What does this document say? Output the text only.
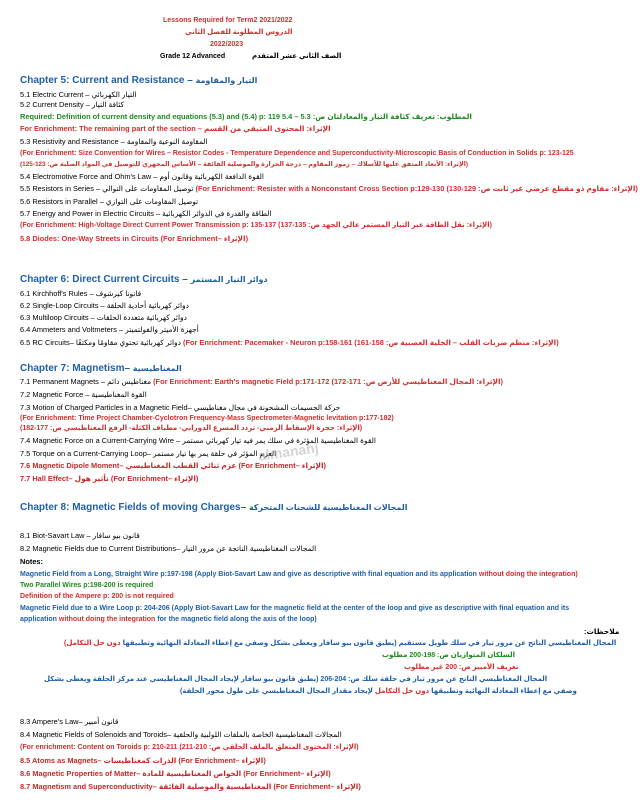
Lessons Required for Term2 2021/2022
الدروس المطلوبة للفصل الثاني
2022/2023
Grade 12 Advanced	الصف الثاني عشر المتقدم
Chapter 5: Current and Resistance – التيار والمقاومة
5.1 Electric Current – التيار الكهربائي
5.2 Current Density – كثافة التيار
Required: Definition of current density and equations (5.3) and (5.4) p: 119 ص: 5.3 – 5.4 المطلوب: تعريف كثافة التيار والمعادلتان
For Enrichment: The remaining part of the section – الإثراء: المحتوى المتبقي من القسم
5.3 Resistivity and Resistance – المقاومة النوعية والمقاومة
(For Enrichment: Size Convention for Wires – Resistor Codes - Temperature Dependence and Superconductivity-Microscopic Basis of Conduction in Solids p: 123-125
(الإثراء: الأبعاد المتفق عليها للأسلاك – رموز المقاوم – درجة الحرارة والموصلية الفائقة – الأساس المجهري للتوصيل في المواد الصلبة ص: 123-125)
5.4 Electromotive Force and Ohm's Law – القوة الدافعة الكهربائية وقانون أوم
5.5 Resistors in Series – توصيل المقاومات على التوالي (For Enrichment: Resister with a Nonconstant Cross Section p:129-130 (الإثراء: مقاوم ذو مقطع عرضي غير ثابت ص: 129-130)
5.6 Resistors in Parallel – توصيل المقاومات على التوازي
5.7 Energy and Power in Electric Circuits – الطاقة والقدرة في الدوائر الكهربائية
(For Enrichment: High-Voltage Direct Current Power Transmission p: 135-137 (الإثراء: نقل الطاقة عبر التيار المستمر عالي الجهد ص: 135-137)
5.8 Diodes: One-Way Streets in Circuits (For Enrichment– (الإثراء
Chapter 6: Direct Current Circuits – دوائر التيار المستمر
6.1 Kirchhoff's Rules – قانونا كيرشوف
6.2 Single-Loop Circuits – دوائر كهربائية أحادية الحلقة
6.3 Multiloop Circuits – دوائر كهربائية متعددة الحلقات
6.4 Ammeters and Voltmeters – أجهزة الأميتر والفولتميتر
6.5 RC Circuits– دوائر كهربائية تحتوي مقاومًا ومكثفًا (For Enrichment: Pacemaker - Neuron p:158-161 (الإثراء: منظم ضربات القلب – الخلية العصبية ص: 158-161)
Chapter 7: Magnetism– المغناطيسية
7.1 Permanent Magnets – مغناطيس دائم (For Enrichment: Earth's magnetic Field p:171-172 (الإثراء: المجال المغناطيسي للأرض ص: 171-172)
7.2 Magnetic Force – القوة المغناطيسية
7.3 Motion of Charged Particles in a Magnetic Field– حركة الجسيمات المشحونة في مجال مغناطيسي
(For Enrichment: Time Project Chamber-Cyclotron Frequency-Mass Spectrometer-Magnetic levitation p:177-182)
(الإثراء: حجرة الإسقاط الزمني- تردد المسرع الدوراني- مطياف الكتلة- الرفع المغناطيسي ص: 177-182)
7.4 Magnetic Force on a Current-Carrying Wire – القوة المغناطيسية المؤثرة في سلك يمر فيه تيار كهربائي مستمر
7.5 Torque on a Current-Carrying Loop– العزم المؤثر في حلقة يمر بها تيار مستمر
7.6 Magnetic Dipole Moment– عزم ثنائي القطب المغناطيسي (For Enrichment– (الإثراء
7.7 Hall Effect– تأثير هول (For Enrichment– (الإثراء
Chapter 8: Magnetic Fields of moving Charges– المجالات المغناطيسية للشحنات المتحركة
8.1 Biot-Savart Law – قانون بيو سافار
8.2 Magnetic Fields due to Current Distributions– المجالات المغناطيسية الناتجة عن مرور التيار
Notes:
Magnetic Field from a Long, Straight Wire p:197-198 (Apply Biot-Savart Law and give as descriptive with final equation and its application without doing the integration)
Two Parallel Wires p:198-200 is required
Definition of the Ampere p: 200 is not required
Magnetic Field due to a Wire Loop p: 204-206 (Apply Biot-Savart Law for the magnetic field at the center of the loop and give as descriptive with final equation and its
application without doing the integration for the magnetic field along the axis of the loop)
ملاحظات:
المجال المغناطيسي الناتج عن مرور تيار في سلك طويل مستقيم (يطبق قانون بيو سافار ويعطى بشكل وصفي مع إعطاء المعادلة النهائية وتطبيقها دون حل التكامل)
السلكان المتوازيان ص: 198-200 مطلوب
تعريف الأمبير ص: 200 غير مطلوب
المجال المغناطيسي الناتج عن مرور تيار في حلقة سلك ص: 204-206 (يطبق قانون بيو سافار لإيجاد المجال المغناطيسي عند مركز الحلقة ويعطى بشكل
وصفي مع إعطاء المعادلة النهائية وتطبيقها دون حل التكامل لإيجاد مقدار المجال المغناطيسي على طول محور الحلقة)
8.3 Ampere's Law– قانون أمبير
8.4 Magnetic Fields of Solenoids and Toroids– المجالات المغناطيسية الخاصة بالملفات اللولبية والحلقية
(For enrichment: Content on Toroids p: 210-211 (الإثراء: المحتوى المتعلق بالملف الحلقي ص: 210-211)
8.5 Atoms as Magnets– الذرات كمغناطيسات (For Enrichment– (الإثراء
8.6 Magnetic Properties of Matter– الخواص المغناطيسية للمادة (For Enrichment– (الإثراء
8.7 Magnetism and Superconductivity– المغناطيسية والموصلية الفائقة (For Enrichment– (الإثراء
almanahj
